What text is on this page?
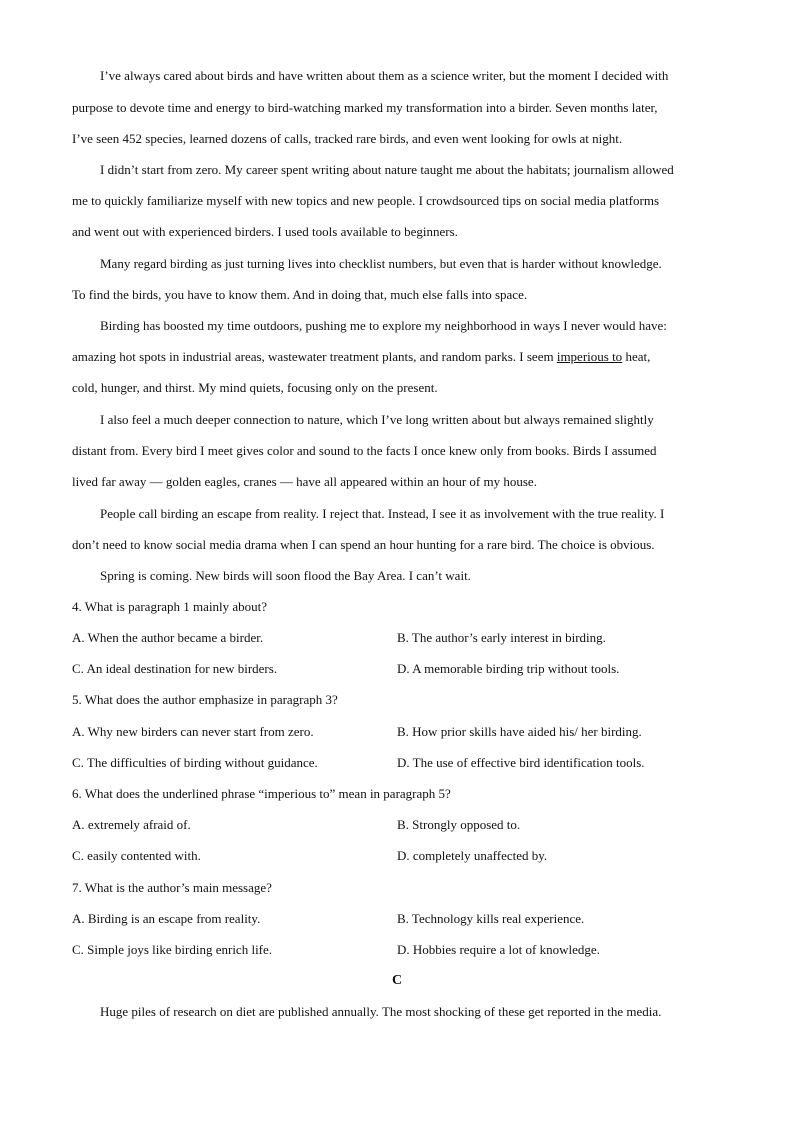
I’ve always cared about birds and have written about them as a science writer, but the moment I decided with
purpose to devote time and energy to bird-watching marked my transformation into a birder. Seven months later,
I’ve seen 452 species, learned dozens of calls, tracked rare birds, and even went looking for owls at night.
I didn’t start from zero. My career spent writing about nature taught me about the habitats; journalism allowed
me to quickly familiarize myself with new topics and new people. I crowdsourced tips on social media platforms
and went out with experienced birders. I used tools available to beginners.
Many regard birding as just turning lives into checklist numbers, but even that is harder without knowledge.
To find the birds, you have to know them. And in doing that, much else falls into space.
Birding has boosted my time outdoors, pushing me to explore my neighborhood in ways I never would have:
amazing hot spots in industrial areas, wastewater treatment plants, and random parks. I seem imperious to heat,
cold, hunger, and thirst. My mind quiets, focusing only on the present.
I also feel a much deeper connection to nature, which I’ve long written about but always remained slightly
distant from. Every bird I meet gives color and sound to the facts I once knew only from books. Birds I assumed
lived far away — golden eagles, cranes — have all appeared within an hour of my house.
People call birding an escape from reality. I reject that. Instead, I see it as involvement with the true reality. I
don’t need to know social media drama when I can spend an hour hunting for a rare bird. The choice is obvious.
Spring is coming. New birds will soon flood the Bay Area. I can’t wait.
4. What is paragraph 1 mainly about?
A. When the author became a birder.	B. The author’s early interest in birding.
C. An ideal destination for new birders.	D. A memorable birding trip without tools.
5. What does the author emphasize in paragraph 3?
A. Why new birders can never start from zero.	B. How prior skills have aided his/ her birding.
C. The difficulties of birding without guidance.	D. The use of effective bird identification tools.
6. What does the underlined phrase “imperious to” mean in paragraph 5?
A. extremely afraid of.	B. Strongly opposed to.
C. easily contented with.	D. completely unaffected by.
7. What is the author’s main message?
A. Birding is an escape from reality.	B. Technology kills real experience.
C. Simple joys like birding enrich life.	D. Hobbies require a lot of knowledge.
C
Huge piles of research on diet are published annually. The most shocking of these get reported in the media.
